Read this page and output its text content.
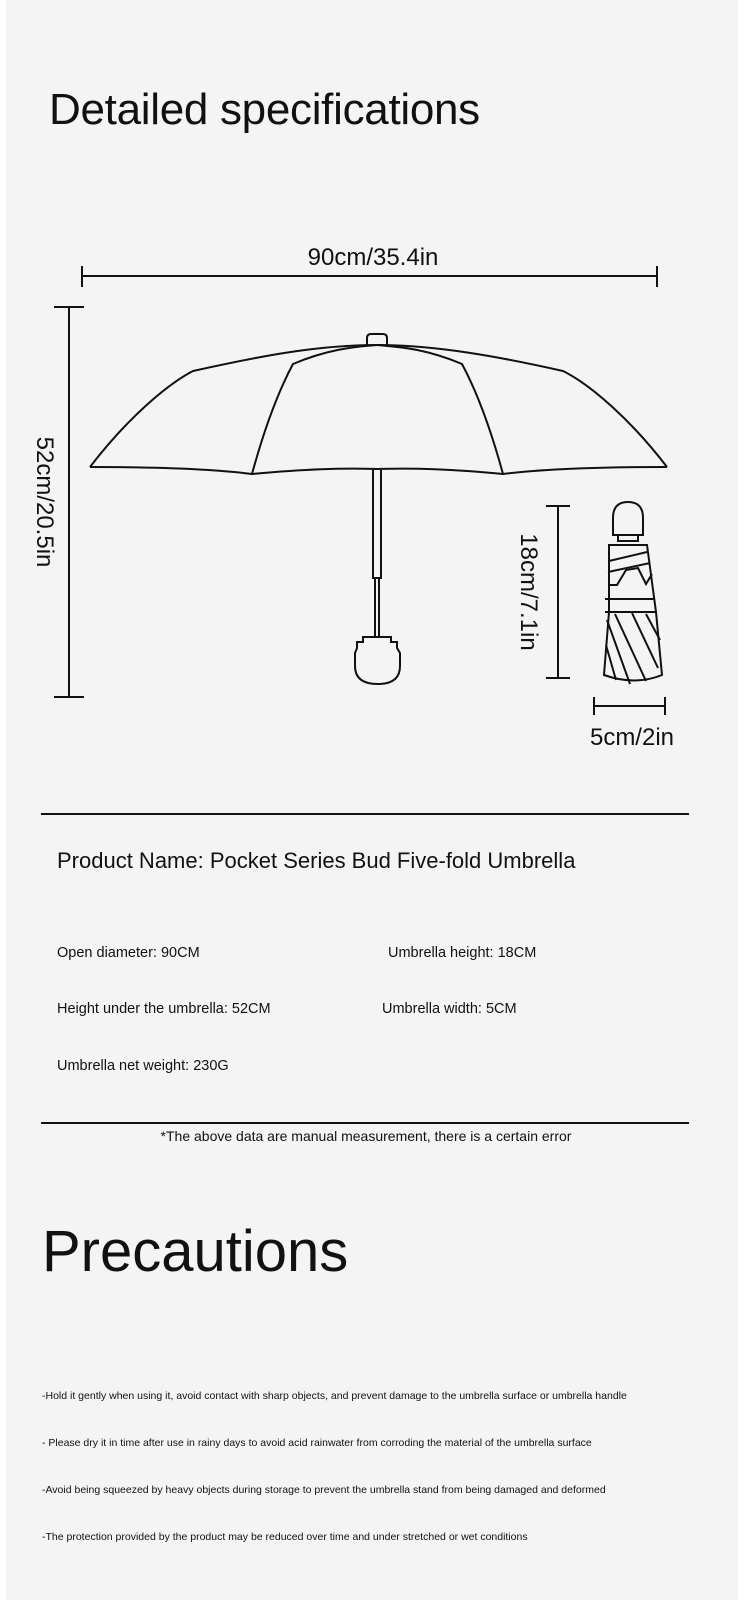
Detailed specifications
90cm/35.4in
52cm/20.5in
18cm/7.1in
5cm/2in

Product Name: Pocket Series Bud Five-fold Umbrella

Open diameter: 90CM	Umbrella height: 18CM
Height under the umbrella: 52CM	Umbrella width: 5CM
Umbrella net weight: 230G
*The above data are manual measurement, there is a certain error
Precautions
-Hold it gently when using it, avoid contact with sharp objects, and prevent damage to the umbrella surface or umbrella handle
- Please dry it in time after use in rainy days to avoid acid rainwater from corroding the material of the umbrella surface
-Avoid being squeezed by heavy objects during storage to prevent the umbrella stand from being damaged and deformed
-The protection provided by the product may be reduced over time and under stretched or wet conditions
